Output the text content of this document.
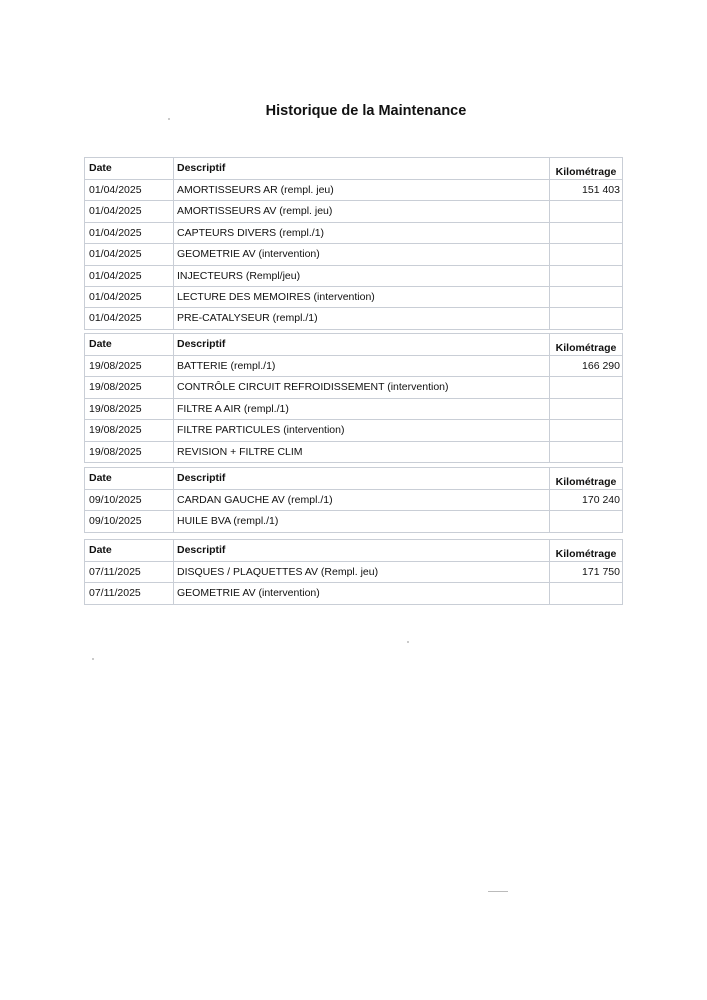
Historique de la Maintenance
Date	Descriptif	Kilométrage
01/04/2025	AMORTISSEURS AR (rempl. jeu)	151 403
01/04/2025	AMORTISSEURS AV (rempl. jeu)
01/04/2025	CAPTEURS DIVERS (rempl./1)
01/04/2025	GEOMETRIE AV (intervention)
01/04/2025	INJECTEURS (Rempl/jeu)
01/04/2025	LECTURE DES MEMOIRES (intervention)
01/04/2025	PRE-CATALYSEUR (rempl./1)
Date	Descriptif	Kilométrage
19/08/2025	BATTERIE (rempl./1)	166 290
19/08/2025	CONTRÔLE CIRCUIT REFROIDISSEMENT (intervention)
19/08/2025	FILTRE A AIR (rempl./1)
19/08/2025	FILTRE PARTICULES (intervention)
19/08/2025	REVISION + FILTRE CLIM
Date	Descriptif	Kilométrage
09/10/2025	CARDAN GAUCHE AV (rempl./1)	170 240
09/10/2025	HUILE BVA (rempl./1)
Date	Descriptif	Kilométrage
07/11/2025	DISQUES / PLAQUETTES AV (Rempl. jeu)	171 750
07/11/2025	GEOMETRIE AV (intervention)
